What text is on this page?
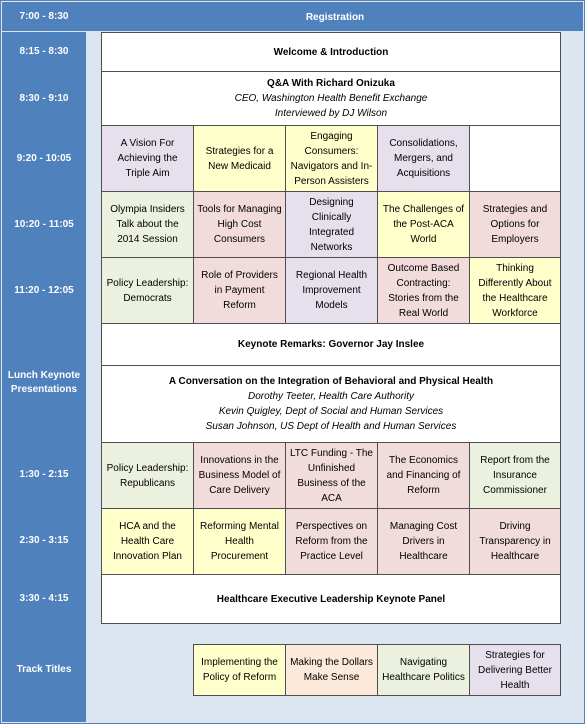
7:00 - 8:30	Registration
8:15 - 8:30
8:30 - 9:10
9:20 - 10:05
10:20 - 11:05
11:20 - 12:05
Lunch Keynote Presentations
1:30 - 2:15
2:30 - 3:15
3:30 - 4:15
Track Titles
Welcome & Introduction
Q&A With Richard Onizuka
CEO, Washington Health Benefit Exchange
Interviewed by DJ Wilson
A Vision For Achieving the Triple Aim
Strategies for a New Medicaid
Engaging Consumers: Navigators and In-Person Assisters
Consolidations, Mergers, and Acquisitions
Olympia Insiders Talk about the 2014 Session
Tools for Managing High Cost Consumers
Designing Clinically Integrated Networks
The Challenges of the Post-ACA World
Strategies and Options for Employers
Policy Leadership: Democrats
Role of Providers in Payment Reform
Regional Health Improvement Models
Outcome Based Contracting: Stories from the Real World
Thinking Differently About the Healthcare Workforce
Keynote Remarks: Governor Jay Inslee
A Conversation on the Integration of Behavioral and Physical Health
Dorothy Teeter, Health Care Authority
Kevin Quigley, Dept of Social and Human Services
Susan Johnson, US Dept of Health and Human Services
Policy Leadership: Republicans
Innovations in the Business Model of Care Delivery
LTC Funding - The Unfinished Business of the ACA
The Economics and Financing of Reform
Report from the Insurance Commissioner
HCA and the Health Care Innovation Plan
Reforming Mental Health Procurement
Perspectives on Reform from the Practice Level
Managing Cost Drivers in Healthcare
Driving Transparency in Healthcare
Healthcare Executive Leadership Keynote Panel
Implementing the Policy of Reform
Making the Dollars Make Sense
Navigating Healthcare Politics
Strategies for Delivering Better Health
